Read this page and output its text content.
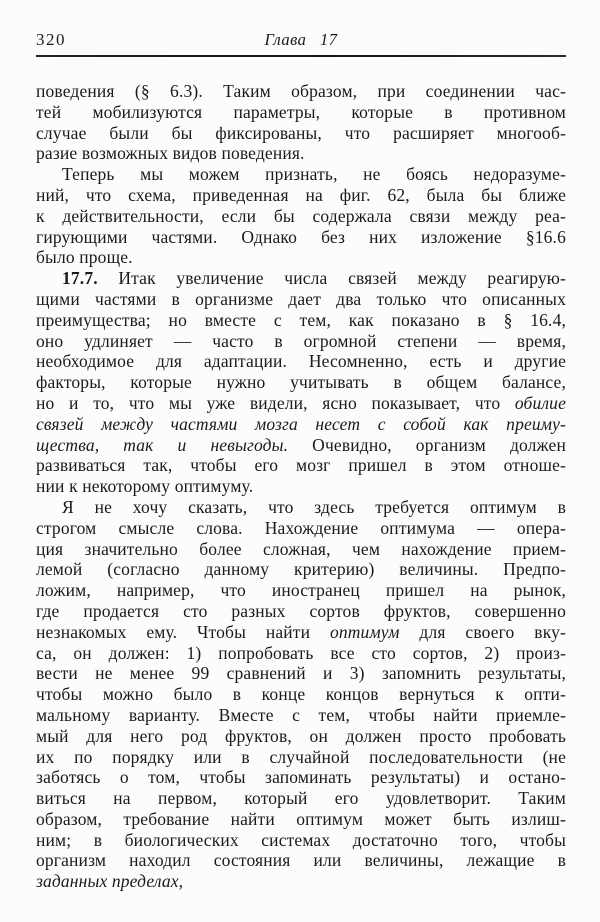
320	Глава 17
поведения (§ 6.3). Таким образом, при соединении час-
тей мобилизуются параметры, которые в противном
случае были бы фиксированы, что расширяет многооб-
разие возможных видов поведения.
Теперь мы можем признать, не боясь недоразуме-
ний, что схема, приведенная на фиг. 62, была бы ближе
к действительности, если бы содержала связи между реа-
гирующими частями. Однако без них изложение §16.6
было проще.
17.7. Итак увеличение числа связей между реагирую-
щими частями в организме дает два только что описанных
преимущества; но вместе с тем, как показано в § 16.4,
оно удлиняет — часто в огромной степени — время,
необходимое для адаптации. Несомненно, есть и другие
факторы, которые нужно учитывать в общем балансе,
но и то, что мы уже видели, ясно показывает, что обилие
связей между частями мозга несет с собой как преиму-
щества, так и невыгоды. Очевидно, организм должен
развиваться так, чтобы его мозг пришел в этом отноше-
нии к некоторому оптимуму.
Я не хочу сказать, что здесь требуется оптимум в
строгом смысле слова. Нахождение оптимума — опера-
ция значительно более сложная, чем нахождение прием-
лемой (согласно данному критерию) величины. Предпо-
ложим, например, что иностранец пришел на рынок,
где продается сто разных сортов фруктов, совершенно
незнакомых ему. Чтобы найти оптимум для своего вку-
са, он должен: 1) попробовать все сто сортов, 2) произ-
вести не менее 99 сравнений и 3) запомнить результаты,
чтобы можно было в конце концов вернуться к опти-
мальному варианту. Вместе с тем, чтобы найти приемле-
мый для него род фруктов, он должен просто пробовать
их по порядку или в случайной последовательности (не
заботясь о том, чтобы запоминать результаты) и остано-
виться на первом, который его удовлетворит. Таким
образом, требование найти оптимум может быть излиш-
ним; в биологических системах достаточно того, чтобы
организм находил состояния или величины, лежащие в
заданных пределах,
